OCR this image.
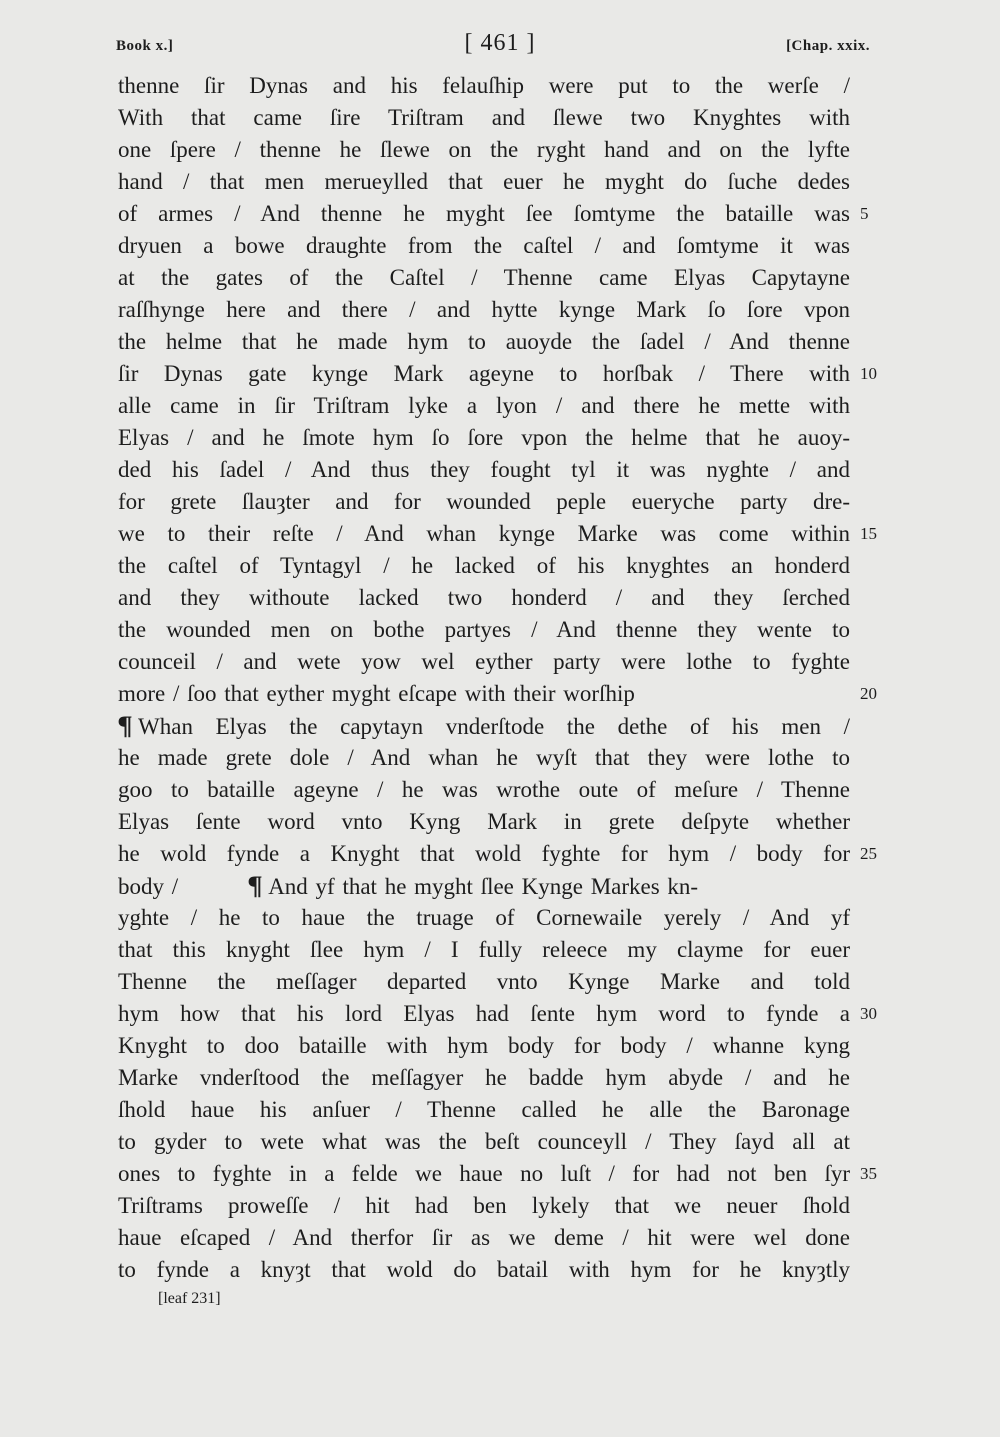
Book x.]	[ 461 ]	[Chap. xxix.
thenne ſir Dynas and his felauſhip were put to the werſe /
With that came ſire Triſtram and ſlewe two Knyghtes with
one ſpere / thenne he ſlewe on the ryght hand and on the lyfte
hand / that men merueylled that euer he myght do ſuche dedes
of armes / And thenne he myght ſee ſomtyme the bataille was 5
dryuen a bowe draughte from the caſtel / and ſomtyme it was
at the gates of the Caſtel / Thenne came Elyas Capytayne
raſſhynge here and there / and hytte kynge Mark ſo ſore vpon
the helme that he made hym to auoyde the ſadel / And thenne
ſir Dynas gate kynge Mark ageyne to horſbak / There with 10
alle came in ſir Triſtram lyke a lyon / and there he mette with
Elyas / and he ſmote hym ſo ſore vpon the helme that he auoy-
ded his ſadel / And thus they fought tyl it was nyghte / and
for grete ſlauȝter and for wounded peple eueryche party dre-
we to their reſte / And whan kynge Marke was come within 15
the caſtel of Tyntagyl / he lacked of his knyghtes an honderd
and they withoute lacked two honderd / and they ſerched
the wounded men on bothe partyes / And thenne they wente to
counceil / and wete yow wel eyther party were lothe to fyghte
more / ſoo that eyther myght eſcape with their worſhip	20
¶ Whan Elyas the capytayn vnderſtode the dethe of his men /
he made grete dole / And whan he wyſt that they were lothe to
goo to bataille ageyne / he was wrothe oute of meſure / Thenne
Elyas ſente word vnto Kyng Mark in grete deſpyte whether
he wold fynde a Knyght that wold fyghte for hym / body for 25
body /	¶ And yf that he myght ſlee Kynge Markes kn-
yghte / he to haue the truage of Cornewaile yerely / And yf
that this knyght ſlee hym / I fully releece my clayme for euer
Thenne the meſſager departed vnto Kynge Marke and told
hym how that his lord Elyas had ſente hym word to fynde a 30
Knyght to doo bataille with hym body for body / whanne kyng
Marke vnderſtood the meſſagyer he badde hym abyde / and he
ſhold haue his anſuer / Thenne called he alle the Baronage
to gyder to wete what was the beſt counceyll / They ſayd all at
ones to fyghte in a felde we haue no luſt / for had not ben ſyr 35
Triſtrams proweſſe / hit had ben lykely that we neuer ſhold
haue eſcaped / And therfor ſir as we deme / hit were wel done
to fynde a knyȝt that wold do batail with hym for he knyȝtly
[leaf 231]
